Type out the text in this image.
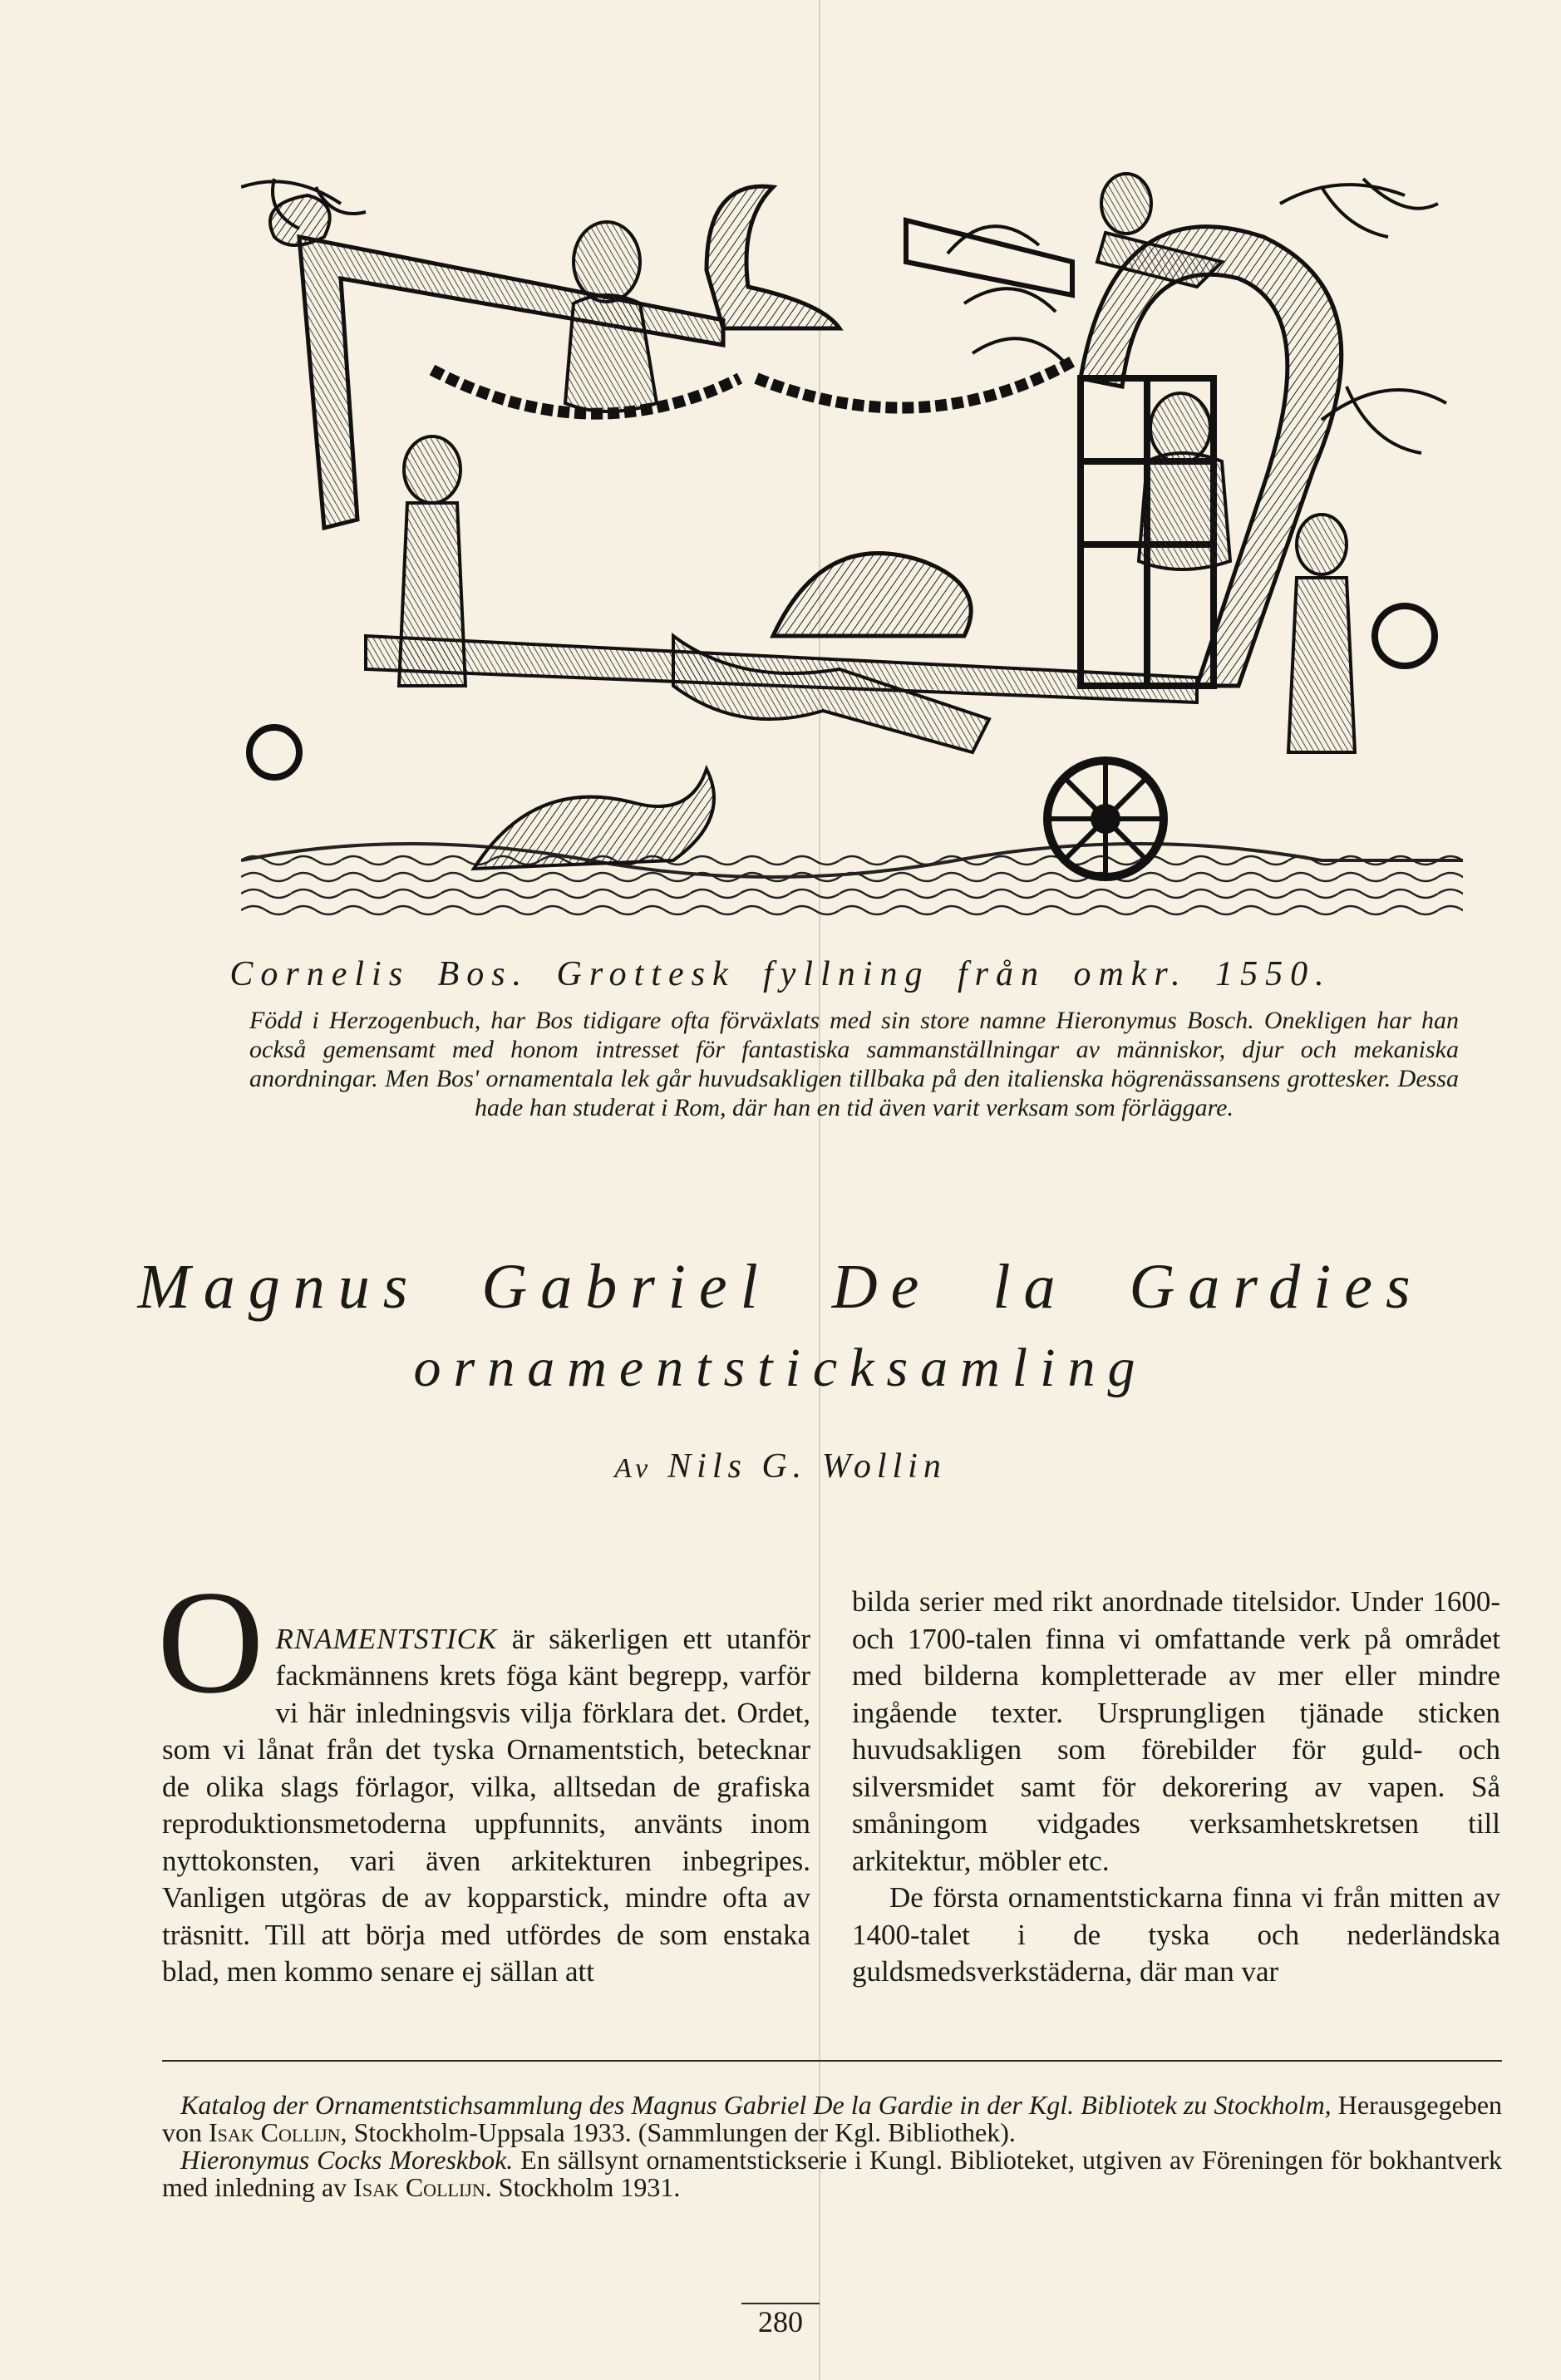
Cornelis Bos. Grottesk fyllning från omkr. 1550.
Född i Herzogenbuch, har Bos tidigare ofta förväxlats med sin store namne Hieronymus Bosch. Onekligen har han också gemensamt med honom intresset för fantastiska sammanställningar av människor, djur och mekaniska anordningar. Men Bos' ornamentala lek går huvudsakligen tillbaka på den italienska högrenässansens grottesker. Dessa hade han studerat i Rom, där han en tid även varit verksam som förläggare.
Magnus Gabriel De la Gardies
ornamentsticksamling
Av Nils G. Wollin

ORNAMENTSTICK är säkerligen ett utanför fackmännens krets föga känt begrepp, varför vi här inledningsvis vilja förklara det. Ordet, som vi lånat från det tyska Ornamentstich, betecknar de olika slags förlagor, vilka, alltsedan de grafiska reproduktionsmetoderna uppfunnits, använts inom nyttokonsten, vari även arkitekturen inbegripes. Vanligen utgöras de av kopparstick, mindre ofta av träsnitt. Till att börja med utfördes de som enstaka blad, men kommo senare ej sällan att

bilda serier med rikt anordnade titelsidor. Under 1600- och 1700-talen finna vi omfattande verk på området med bilderna kompletterade av mer eller mindre ingående texter. Ursprungligen tjänade sticken huvudsakligen som förebilder för guld- och silversmidet samt för dekorering av vapen. Så småningom vidgades verksamhetskretsen till arkitektur, möbler etc.

De första ornamentstickarna finna vi från mitten av 1400-talet i de tyska och nederländska guldsmedsverkstäderna, där man var

Katalog der Ornamentstichsammlung des Magnus Gabriel De la Gardie in der Kgl. Bibliotek zu Stockholm, Herausgegeben von Isak Collijn, Stockholm-Uppsala 1933. (Sammlungen der Kgl. Bibliothek).

Hieronymus Cocks Moreskbok. En sällsynt ornamentstickserie i Kungl. Biblioteket, utgiven av Föreningen för bokhantverk med inledning av Isak Collijn. Stockholm 1931.

280
